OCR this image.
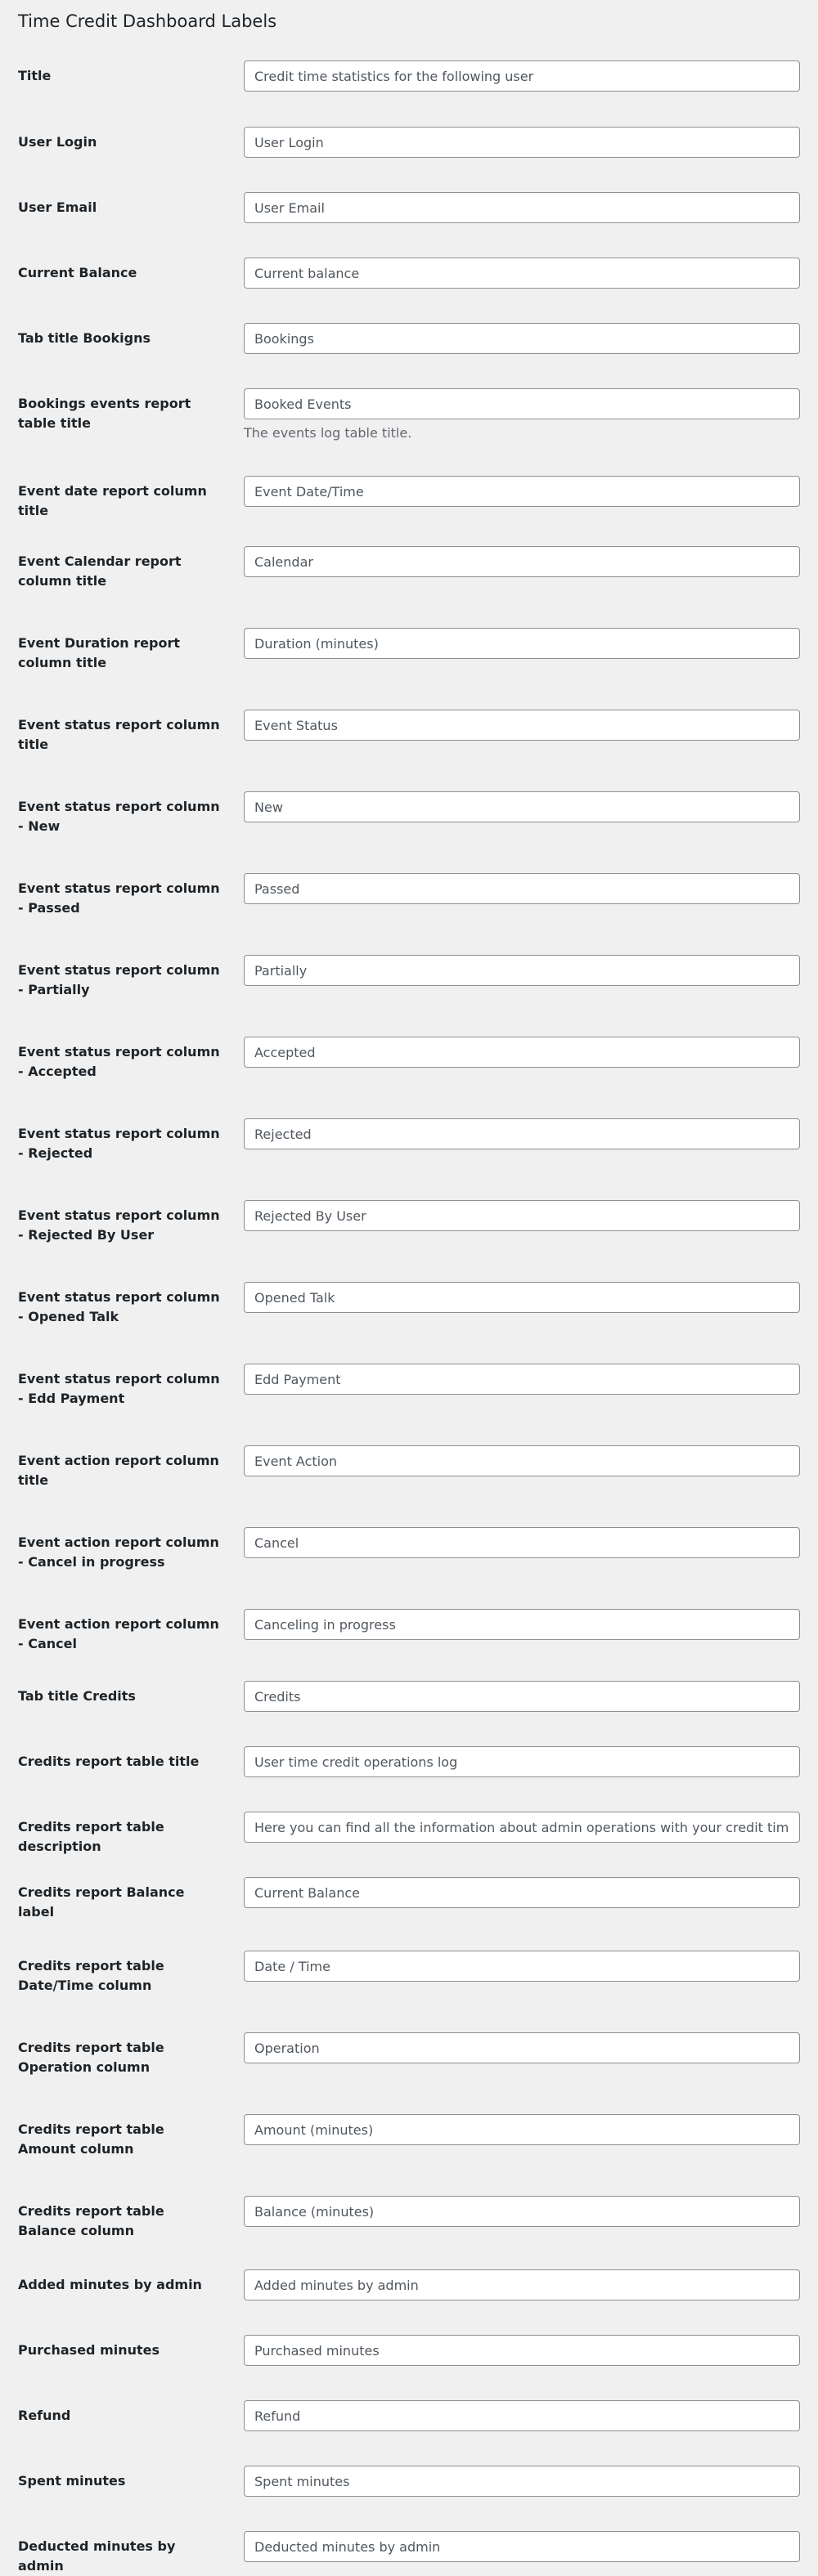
Time Credit Dashboard Labels
Title
Credit time statistics for the following user
User Login
User Login
User Email
User Email
Current Balance
Current balance
Tab title Bookigns
Bookings
Bookings events report table title
Booked Events

The events log table title.

Event date report column title
Event Date/Time
Event Calendar report column title
Calendar
Event Duration report column title
Duration (minutes)
Event status report column title
Event Status
Event status report column - New
New
Event status report column - Passed
Passed
Event status report column - Partially
Partially
Event status report column - Accepted
Accepted
Event status report column - Rejected
Rejected
Event status report column - Rejected By User
Rejected By User
Event status report column - Opened Talk
Opened Talk
Event status report column - Edd Payment
Edd Payment
Event action report column title
Event Action
Event action report column - Cancel in progress
Cancel
Event action report column - Cancel
Canceling in progress
Tab title Credits
Credits
Credits report table title
User time credit operations log
Credits report table description
Here you can find all the information about admin operations with your credit time
Credits report Balance label
Current Balance
Credits report table Date/Time column
Date / Time
Credits report table Operation column
Operation
Credits report table Amount column
Amount (minutes)
Credits report table Balance column
Balance (minutes)
Added minutes by admin
Added minutes by admin
Purchased minutes
Purchased minutes
Refund
Refund
Spent minutes
Spent minutes
Deducted minutes by admin
Deducted minutes by admin
